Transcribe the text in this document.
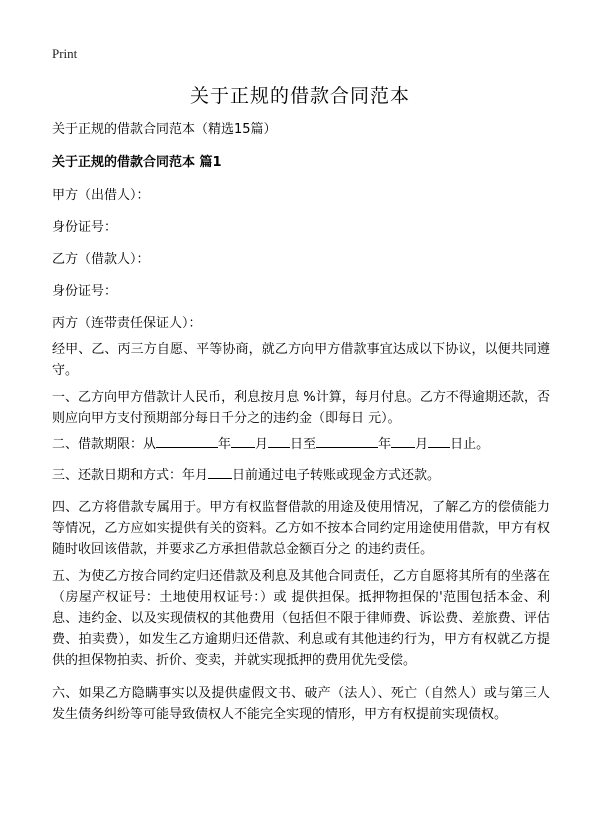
Print
关于正规的借款合同范本
关于正规的借款合同范本（精选15篇）
关于正规的借款合同范本 篇1
甲方（出借人）：
身份证号：
乙方（借款人）：
身份证号：
丙方（连带责任保证人）：
经甲、乙、丙三方自愿、平等协商，就乙方向甲方借款事宜达成以下协议，以便共同遵守。
一、乙方向甲方借款计人民币，利息按月息 %计算，每月付息。乙方不得逾期还款，否则应向甲方支付预期部分每日千分之的违约金（即每日 元）。
二、借款期限：从	年 月 日至	年 月 日止。
三、还款日期和方式：年月 日前通过电子转账或现金方式还款。
四、乙方将借款专属用于。甲方有权监督借款的用途及使用情况，了解乙方的偿债能力等情况，乙方应如实提供有关的资料。乙方如不按本合同约定用途使用借款，甲方有权随时收回该借款，并要求乙方承担借款总金额百分之 的违约责任。
五、为使乙方按合同约定归还借款及利息及其他合同责任，乙方自愿将其所有的坐落在（房屋产权证号：土地使用权证号：）或 提供担保。抵押物担保的'范围包括本金、利息、违约金、以及实现债权的其他费用（包括但不限于律师费、诉讼费、差旅费、评估费、拍卖费），如发生乙方逾期归还借款、利息或有其他违约行为，甲方有权就乙方提供的担保物拍卖、折价、变卖，并就实现抵押的费用优先受偿。
六、如果乙方隐瞒事实以及提供虚假文书、破产（法人）、死亡（自然人）或与第三人发生债务纠纷等可能导致债权人不能完全实现的情形，甲方有权提前实现债权。
